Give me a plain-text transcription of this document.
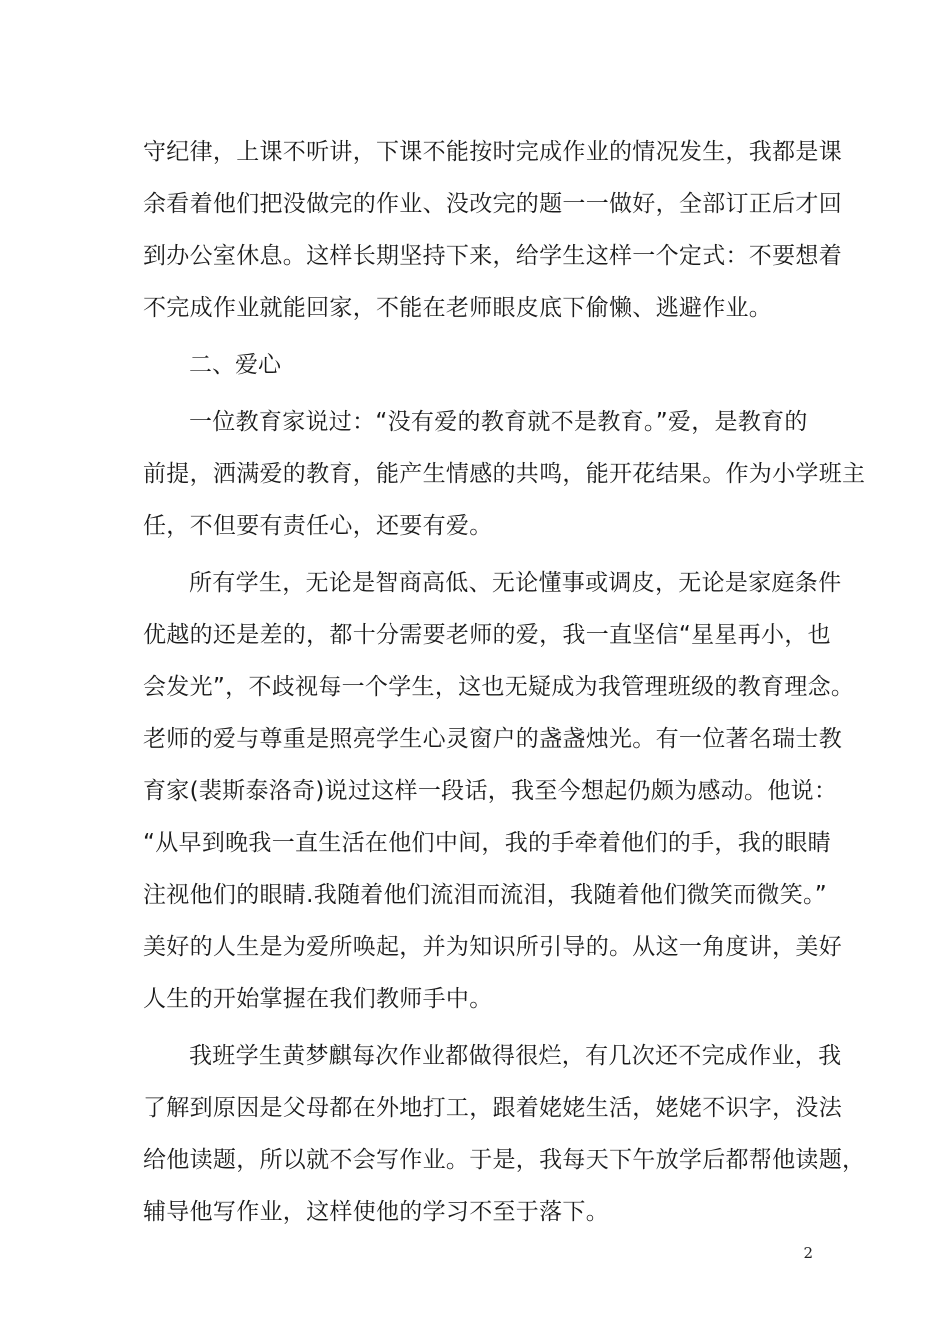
守纪律，上课不听讲，下课不能按时完成作业的情况发生，我都是课
余看着他们把没做完的作业、没改完的题一一做好，全部订正后才回
到办公室休息。这样长期坚持下来，给学生这样一个定式：不要想着
不完成作业就能回家，不能在老师眼皮底下偷懒、逃避作业。
二、爱心
一位教育家说过：“没有爱的教育就不是教育。”爱，是教育的
前提，洒满爱的教育，能产生情感的共鸣，能开花结果。作为小学班主
任，不但要有责任心，还要有爱。
所有学生，无论是智商高低、无论懂事或调皮，无论是家庭条件
优越的还是差的，都十分需要老师的爱，我一直坚信“星星再小，也
会发光”，不歧视每一个学生，这也无疑成为我管理班级的教育理念。
老师的爱与尊重是照亮学生心灵窗户的盏盏烛光。有一位著名瑞士教
育家(裴斯泰洛奇)说过这样一段话，我至今想起仍颇为感动。他说：
“从早到晚我一直生活在他们中间，我的手牵着他们的手，我的眼睛
注视他们的眼睛.我随着他们流泪而流泪，我随着他们微笑而微笑。”
美好的人生是为爱所唤起，并为知识所引导的。从这一角度讲，美好
人生的开始掌握在我们教师手中。
我班学生黄梦麒每次作业都做得很烂，有几次还不完成作业，我
了解到原因是父母都在外地打工，跟着姥姥生活，姥姥不识字，没法
给他读题，所以就不会写作业。于是，我每天下午放学后都帮他读题，
辅导他写作业，这样使他的学习不至于落下。
2
